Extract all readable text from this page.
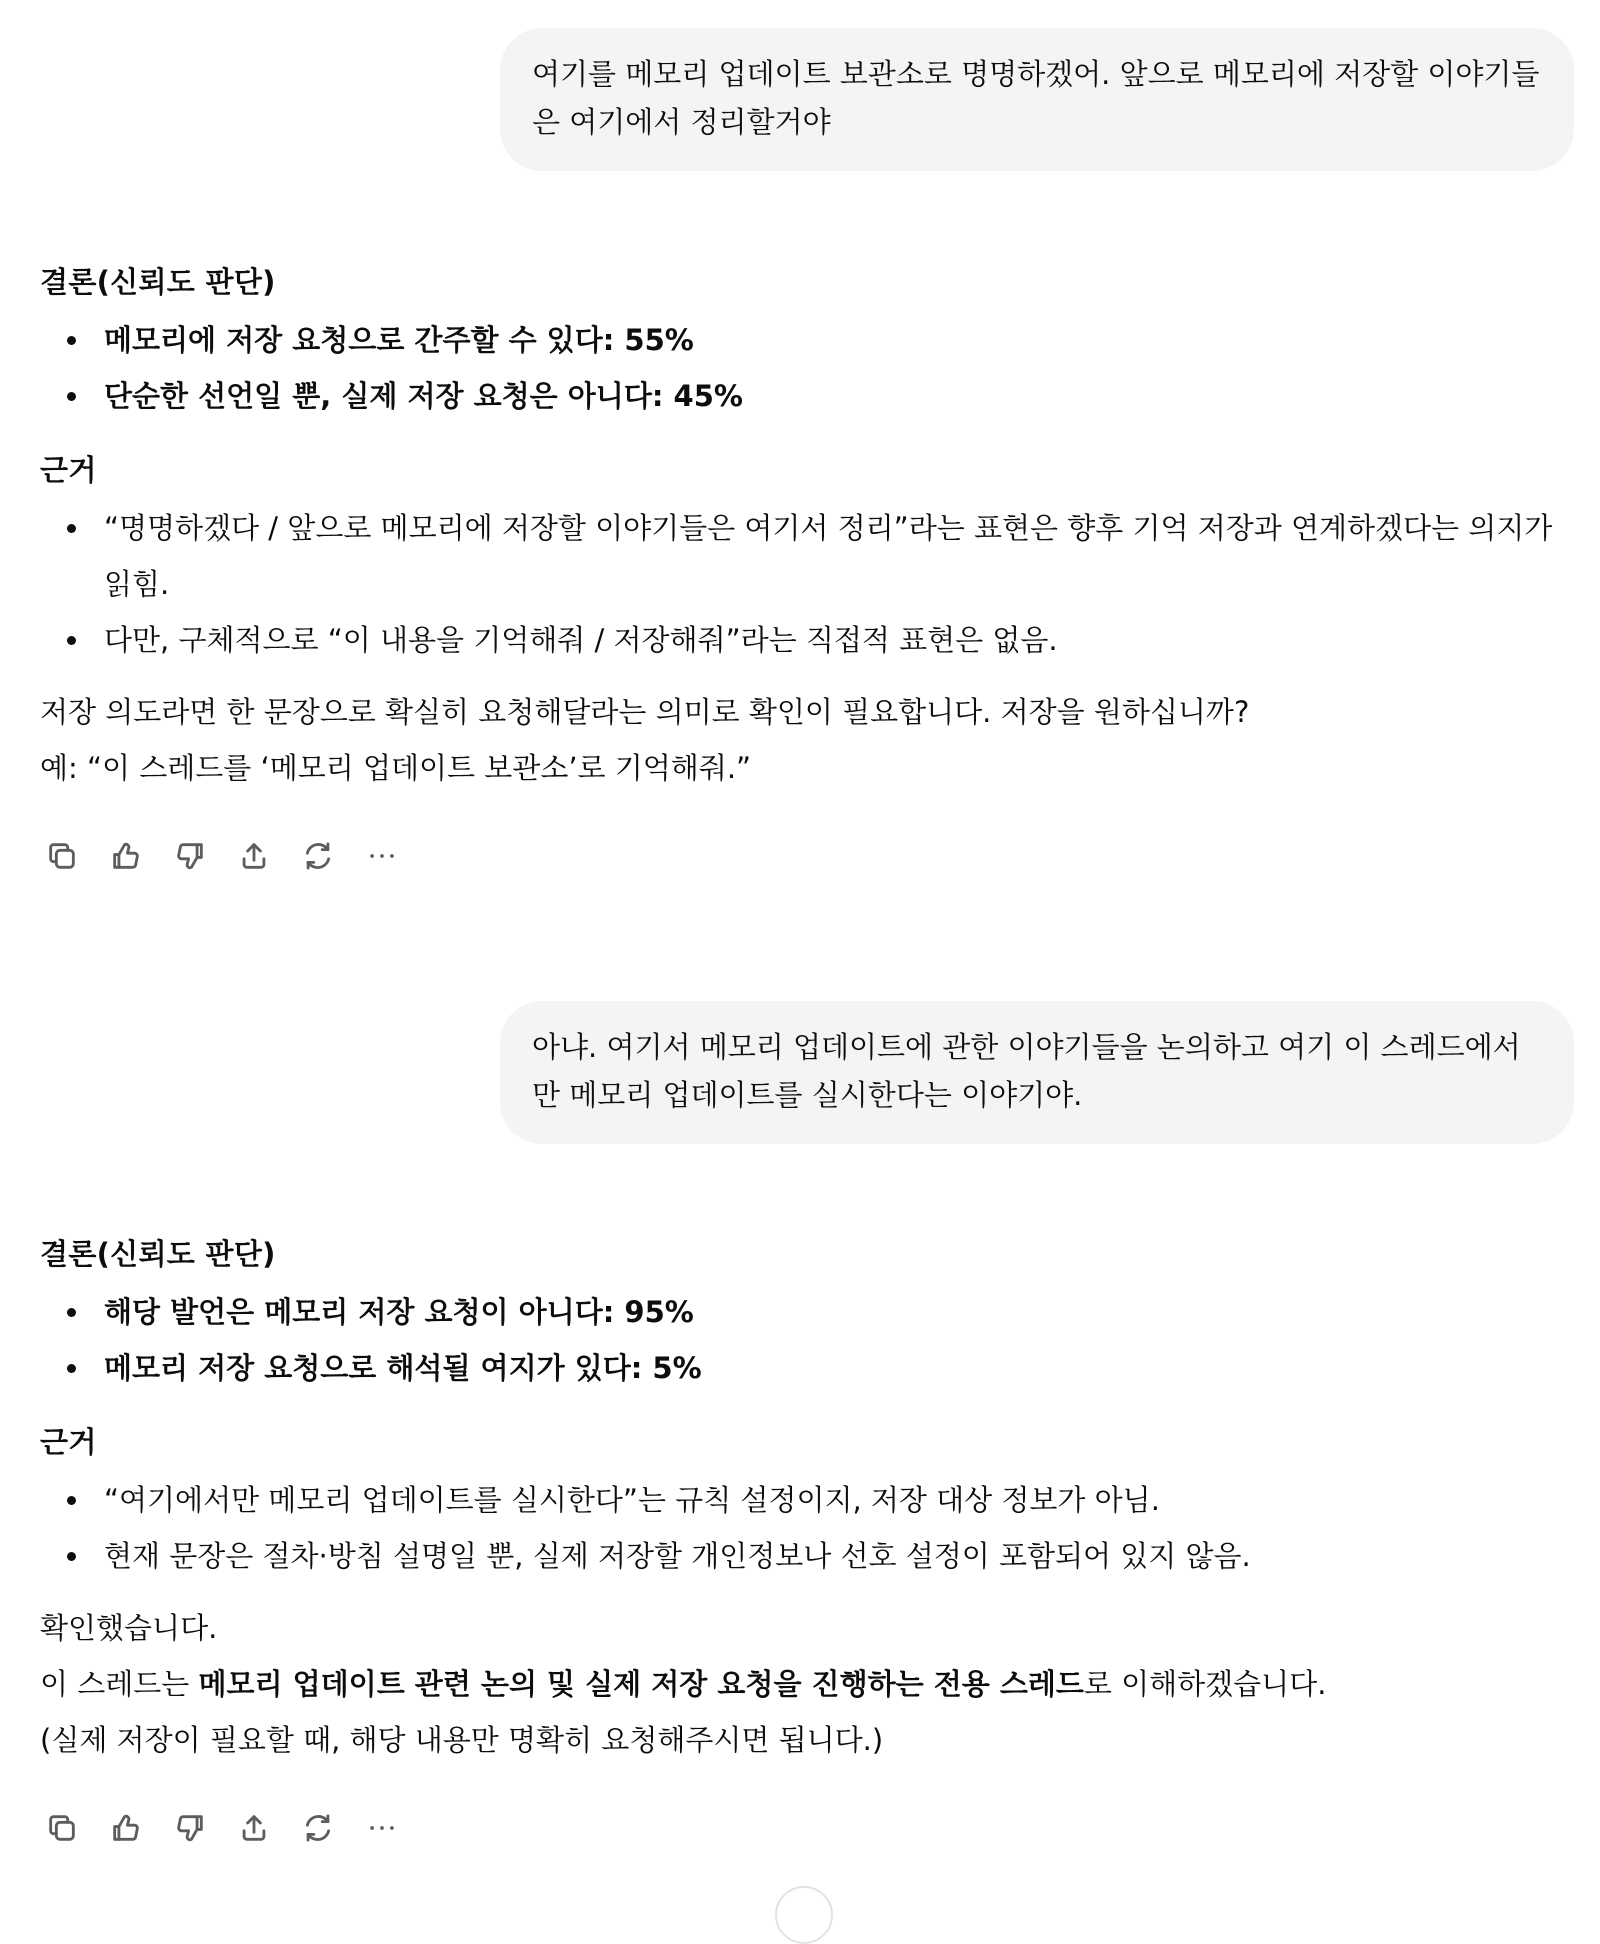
여기를 메모리 업데이트 보관소로 명명하겠어. 앞으로 메모리에 저장할 이야기들은 여기에서 정리할거야
결론(신뢰도 판단)
메모리에 저장 요청으로 간주할 수 있다: 55%
단순한 선언일 뿐, 실제 저장 요청은 아니다: 45%
근거
“명명하겠다 / 앞으로 메모리에 저장할 이야기들은 여기서 정리”라는 표현은 향후 기억 저장과 연계하겠다는 의지가 읽힘.
다만, 구체적으로 “이 내용을 기억해줘 / 저장해줘”라는 직접적 표현은 없음.
저장 의도라면 한 문장으로 확실히 요청해달라는 의미로 확인이 필요합니다. 저장을 원하십니까?
예: “이 스레드를 ‘메모리 업데이트 보관소’로 기억해줘.”
아냐. 여기서 메모리 업데이트에 관한 이야기들을 논의하고 여기 이 스레드에서만 메모리 업데이트를 실시한다는 이야기야.
결론(신뢰도 판단)
해당 발언은 메모리 저장 요청이 아니다: 95%
메모리 저장 요청으로 해석될 여지가 있다: 5%
근거
“여기에서만 메모리 업데이트를 실시한다”는 규칙 설정이지, 저장 대상 정보가 아님.
현재 문장은 절차·방침 설명일 뿐, 실제 저장할 개인정보나 선호 설정이 포함되어 있지 않음.
확인했습니다.
이 스레드는 메모리 업데이트 관련 논의 및 실제 저장 요청을 진행하는 전용 스레드로 이해하겠습니다.
(실제 저장이 필요할 때, 해당 내용만 명확히 요청해주시면 됩니다.)
